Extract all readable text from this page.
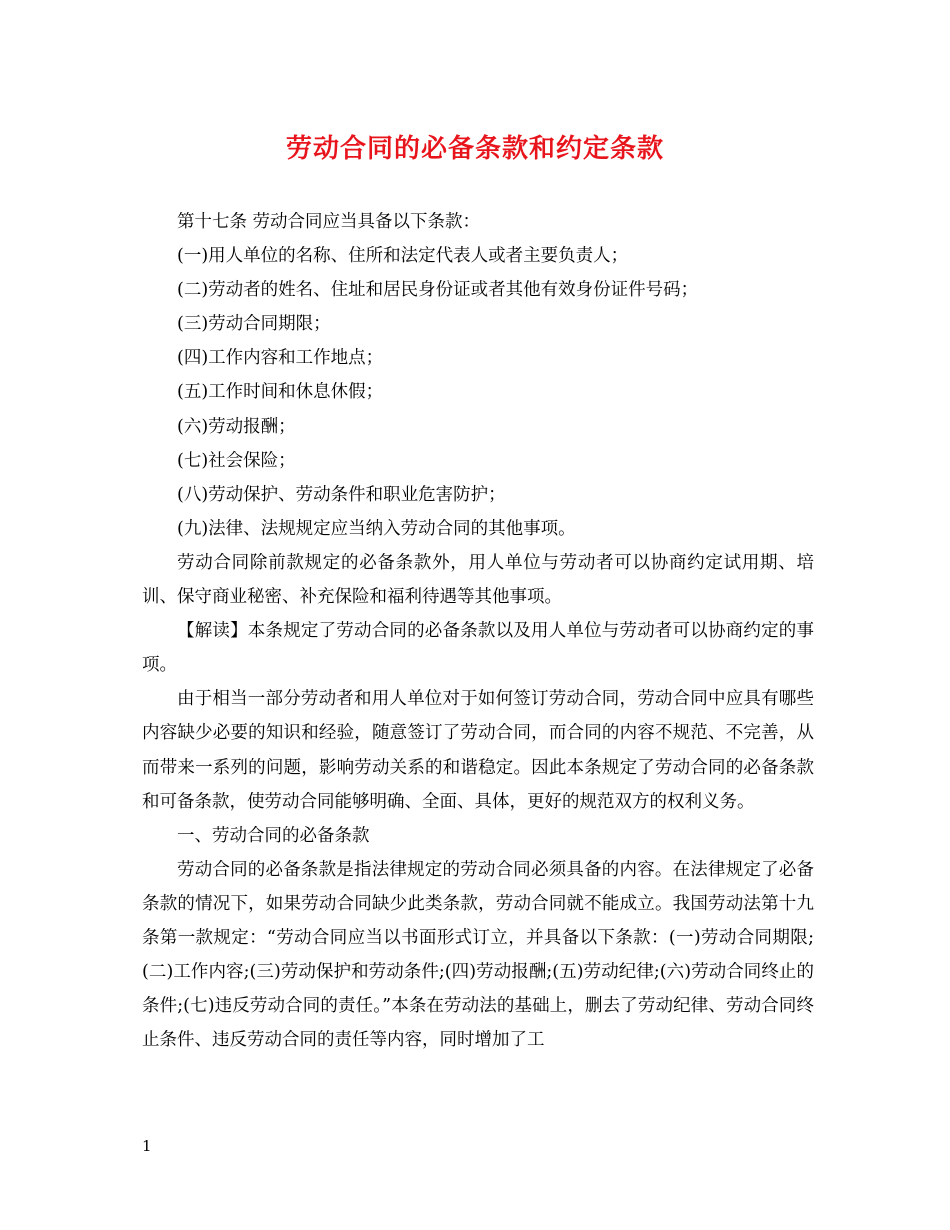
劳动合同的必备条款和约定条款

第十七条 劳动合同应当具备以下条款：

(一)用人单位的名称、住所和法定代表人或者主要负责人；

(二)劳动者的姓名、住址和居民身份证或者其他有效身份证件号码；

(三)劳动合同期限；

(四)工作内容和工作地点；

(五)工作时间和休息休假；

(六)劳动报酬；

(七)社会保险；

(八)劳动保护、劳动条件和职业危害防护；

(九)法律、法规规定应当纳入劳动合同的其他事项。

劳动合同除前款规定的必备条款外，用人单位与劳动者可以协商约定试用期、培训、保守商业秘密、补充保险和福利待遇等其他事项。

【解读】本条规定了劳动合同的必备条款以及用人单位与劳动者可以协商约定的事项。

由于相当一部分劳动者和用人单位对于如何签订劳动合同，劳动合同中应具有哪些内容缺少必要的知识和经验，随意签订了劳动合同，而合同的内容不规范、不完善，从而带来一系列的问题，影响劳动关系的和谐稳定。因此本条规定了劳动合同的必备条款和可备条款，使劳动合同能够明确、全面、具体，更好的规范双方的权利义务。

一、劳动合同的必备条款

劳动合同的必备条款是指法律规定的劳动合同必须具备的内容。在法律规定了必备条款的情况下，如果劳动合同缺少此类条款，劳动合同就不能成立。我国劳动法第十九条第一款规定：“劳动合同应当以书面形式订立，并具备以下条款：(一)劳动合同期限;(二)工作内容;(三)劳动保护和劳动条件;(四)劳动报酬;(五)劳动纪律;(六)劳动合同终止的条件;(七)违反劳动合同的责任。”本条在劳动法的基础上，删去了劳动纪律、劳动合同终止条件、违反劳动合同的责任等内容，同时增加了工

1
